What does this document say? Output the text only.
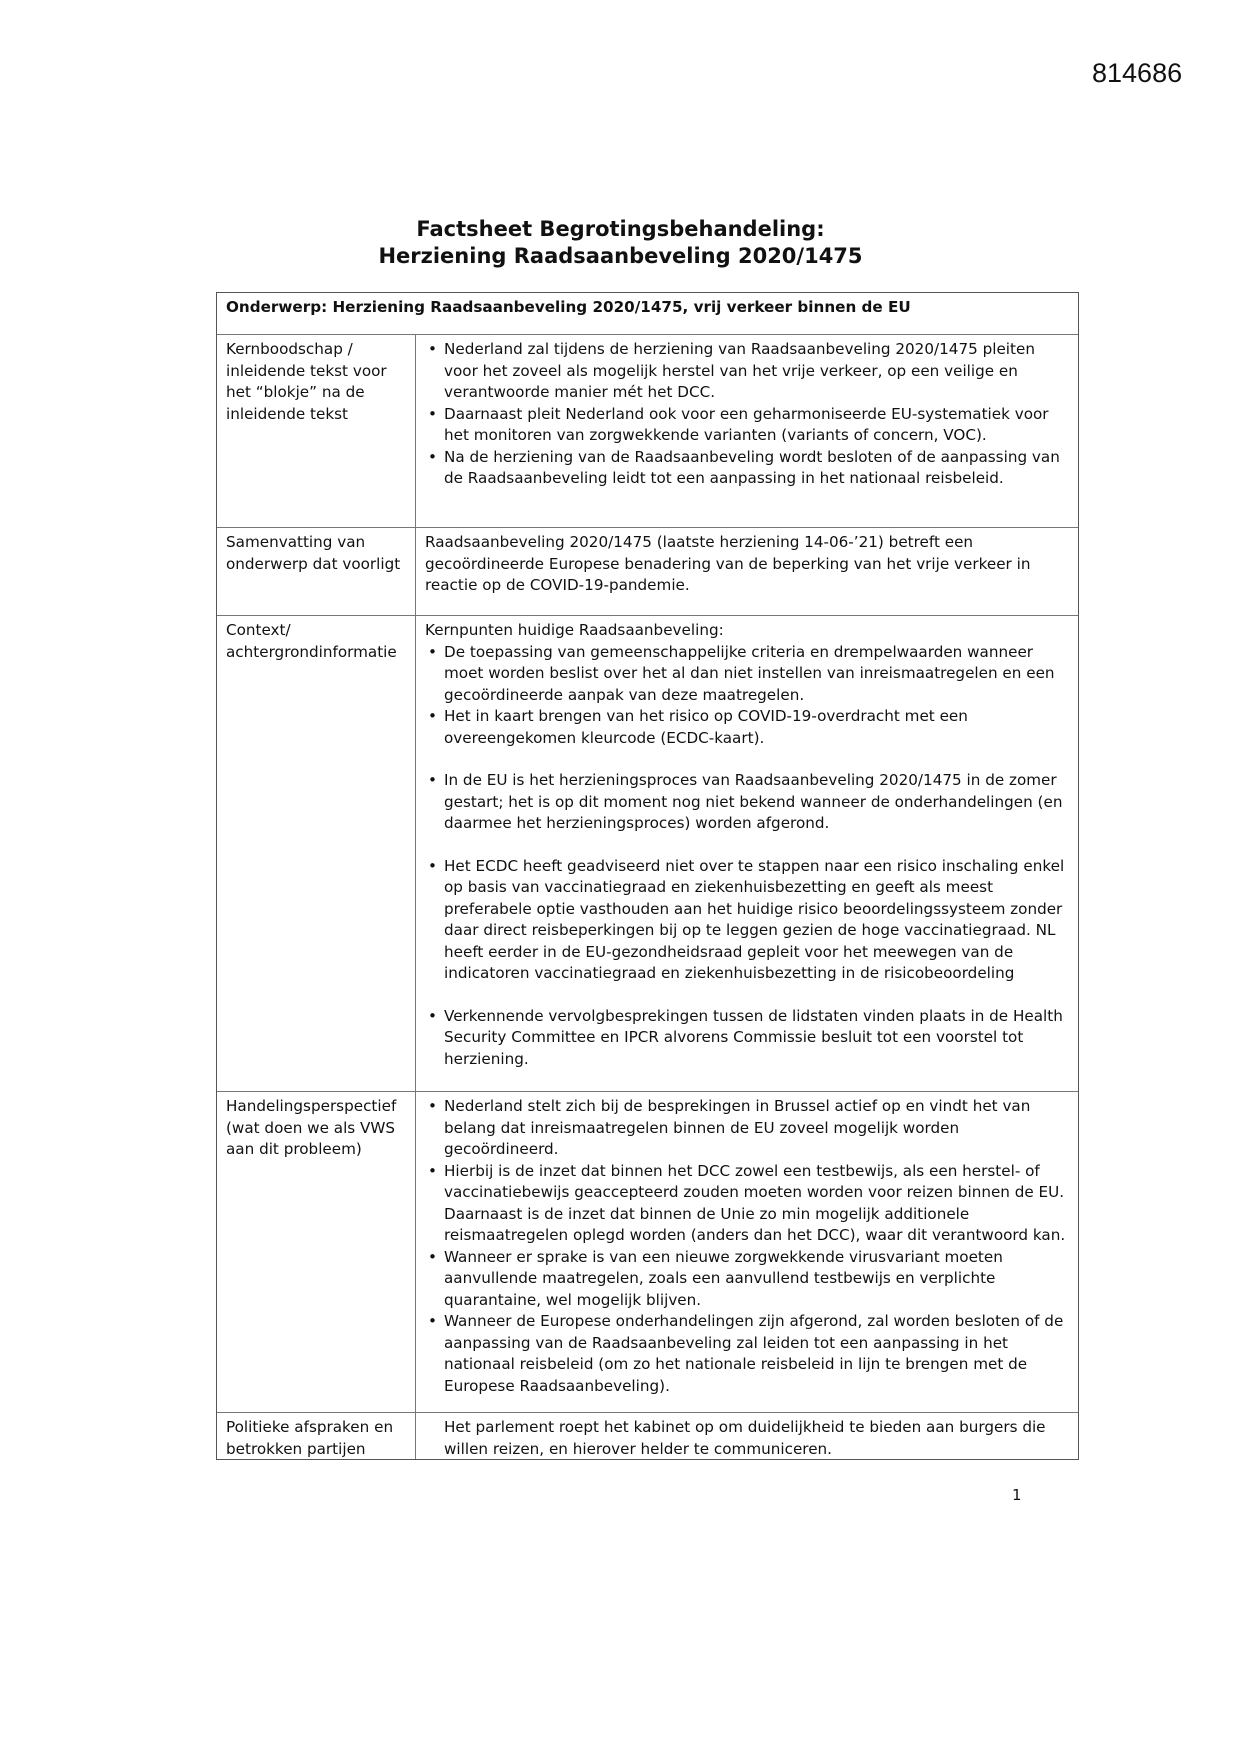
814686
Factsheet Begrotingsbehandeling:
Herziening Raadsaanbeveling 2020/1475
Onderwerp: Herziening Raadsaanbeveling 2020/1475, vrij verkeer binnen de EU
Kernboodschap / inleidende tekst voor het “blokje” na de inleidende tekst
• Nederland zal tijdens de herziening van Raadsaanbeveling 2020/1475 pleiten voor het zoveel als mogelijk herstel van het vrije verkeer, op een veilige en verantwoorde manier mét het DCC.
• Daarnaast pleit Nederland ook voor een geharmoniseerde EU-systematiek voor het monitoren van zorgwekkende varianten (variants of concern, VOC).
• Na de herziening van de Raadsaanbeveling wordt besloten of de aanpassing van de Raadsaanbeveling leidt tot een aanpassing in het nationaal reisbeleid.
Samenvatting van onderwerp dat voorligt
Raadsaanbeveling 2020/1475 (laatste herziening 14-06-’21) betreft een gecoördineerde Europese benadering van de beperking van het vrije verkeer in reactie op de COVID-19-pandemie.
Context/ achtergrondinformatie
Kernpunten huidige Raadsaanbeveling:
• De toepassing van gemeenschappelijke criteria en drempelwaarden wanneer moet worden beslist over het al dan niet instellen van inreismaatregelen en een gecoördineerde aanpak van deze maatregelen.
• Het in kaart brengen van het risico op COVID-19-overdracht met een overeengekomen kleurcode (ECDC-kaart).
• In de EU is het herzieningsproces van Raadsaanbeveling 2020/1475 in de zomer gestart; het is op dit moment nog niet bekend wanneer de onderhandelingen (en daarmee het herzieningsproces) worden afgerond.
• Het ECDC heeft geadviseerd niet over te stappen naar een risico inschaling enkel op basis van vaccinatiegraad en ziekenhuisbezetting en geeft als meest preferabele optie vasthouden aan het huidige risico beoordelingssysteem zonder daar direct reisbeperkingen bij op te leggen gezien de hoge vaccinatiegraad. NL heeft eerder in de EU-gezondheidsraad gepleit voor het meewegen van de indicatoren vaccinatiegraad en ziekenhuisbezetting in de risicobeoordeling
• Verkennende vervolgbesprekingen tussen de lidstaten vinden plaats in de Health Security Committee en IPCR alvorens Commissie besluit tot een voorstel tot herziening.
Handelingsperspectief (wat doen we als VWS aan dit probleem)
• Nederland stelt zich bij de besprekingen in Brussel actief op en vindt het van belang dat inreismaatregelen binnen de EU zoveel mogelijk worden gecoördineerd.
• Hierbij is de inzet dat binnen het DCC zowel een testbewijs, als een herstel- of vaccinatiebewijs geaccepteerd zouden moeten worden voor reizen binnen de EU. Daarnaast is de inzet dat binnen de Unie zo min mogelijk additionele reismaatregelen oplegd worden (anders dan het DCC), waar dit verantwoord kan.
• Wanneer er sprake is van een nieuwe zorgwekkende virusvariant moeten aanvullende maatregelen, zoals een aanvullend testbewijs en verplichte quarantaine, wel mogelijk blijven.
• Wanneer de Europese onderhandelingen zijn afgerond, zal worden besloten of de aanpassing van de Raadsaanbeveling zal leiden tot een aanpassing in het nationaal reisbeleid (om zo het nationale reisbeleid in lijn te brengen met de Europese Raadsaanbeveling).
Politieke afspraken en betrokken partijen
Het parlement roept het kabinet op om duidelijkheid te bieden aan burgers die willen reizen, en hierover helder te communiceren.
1
